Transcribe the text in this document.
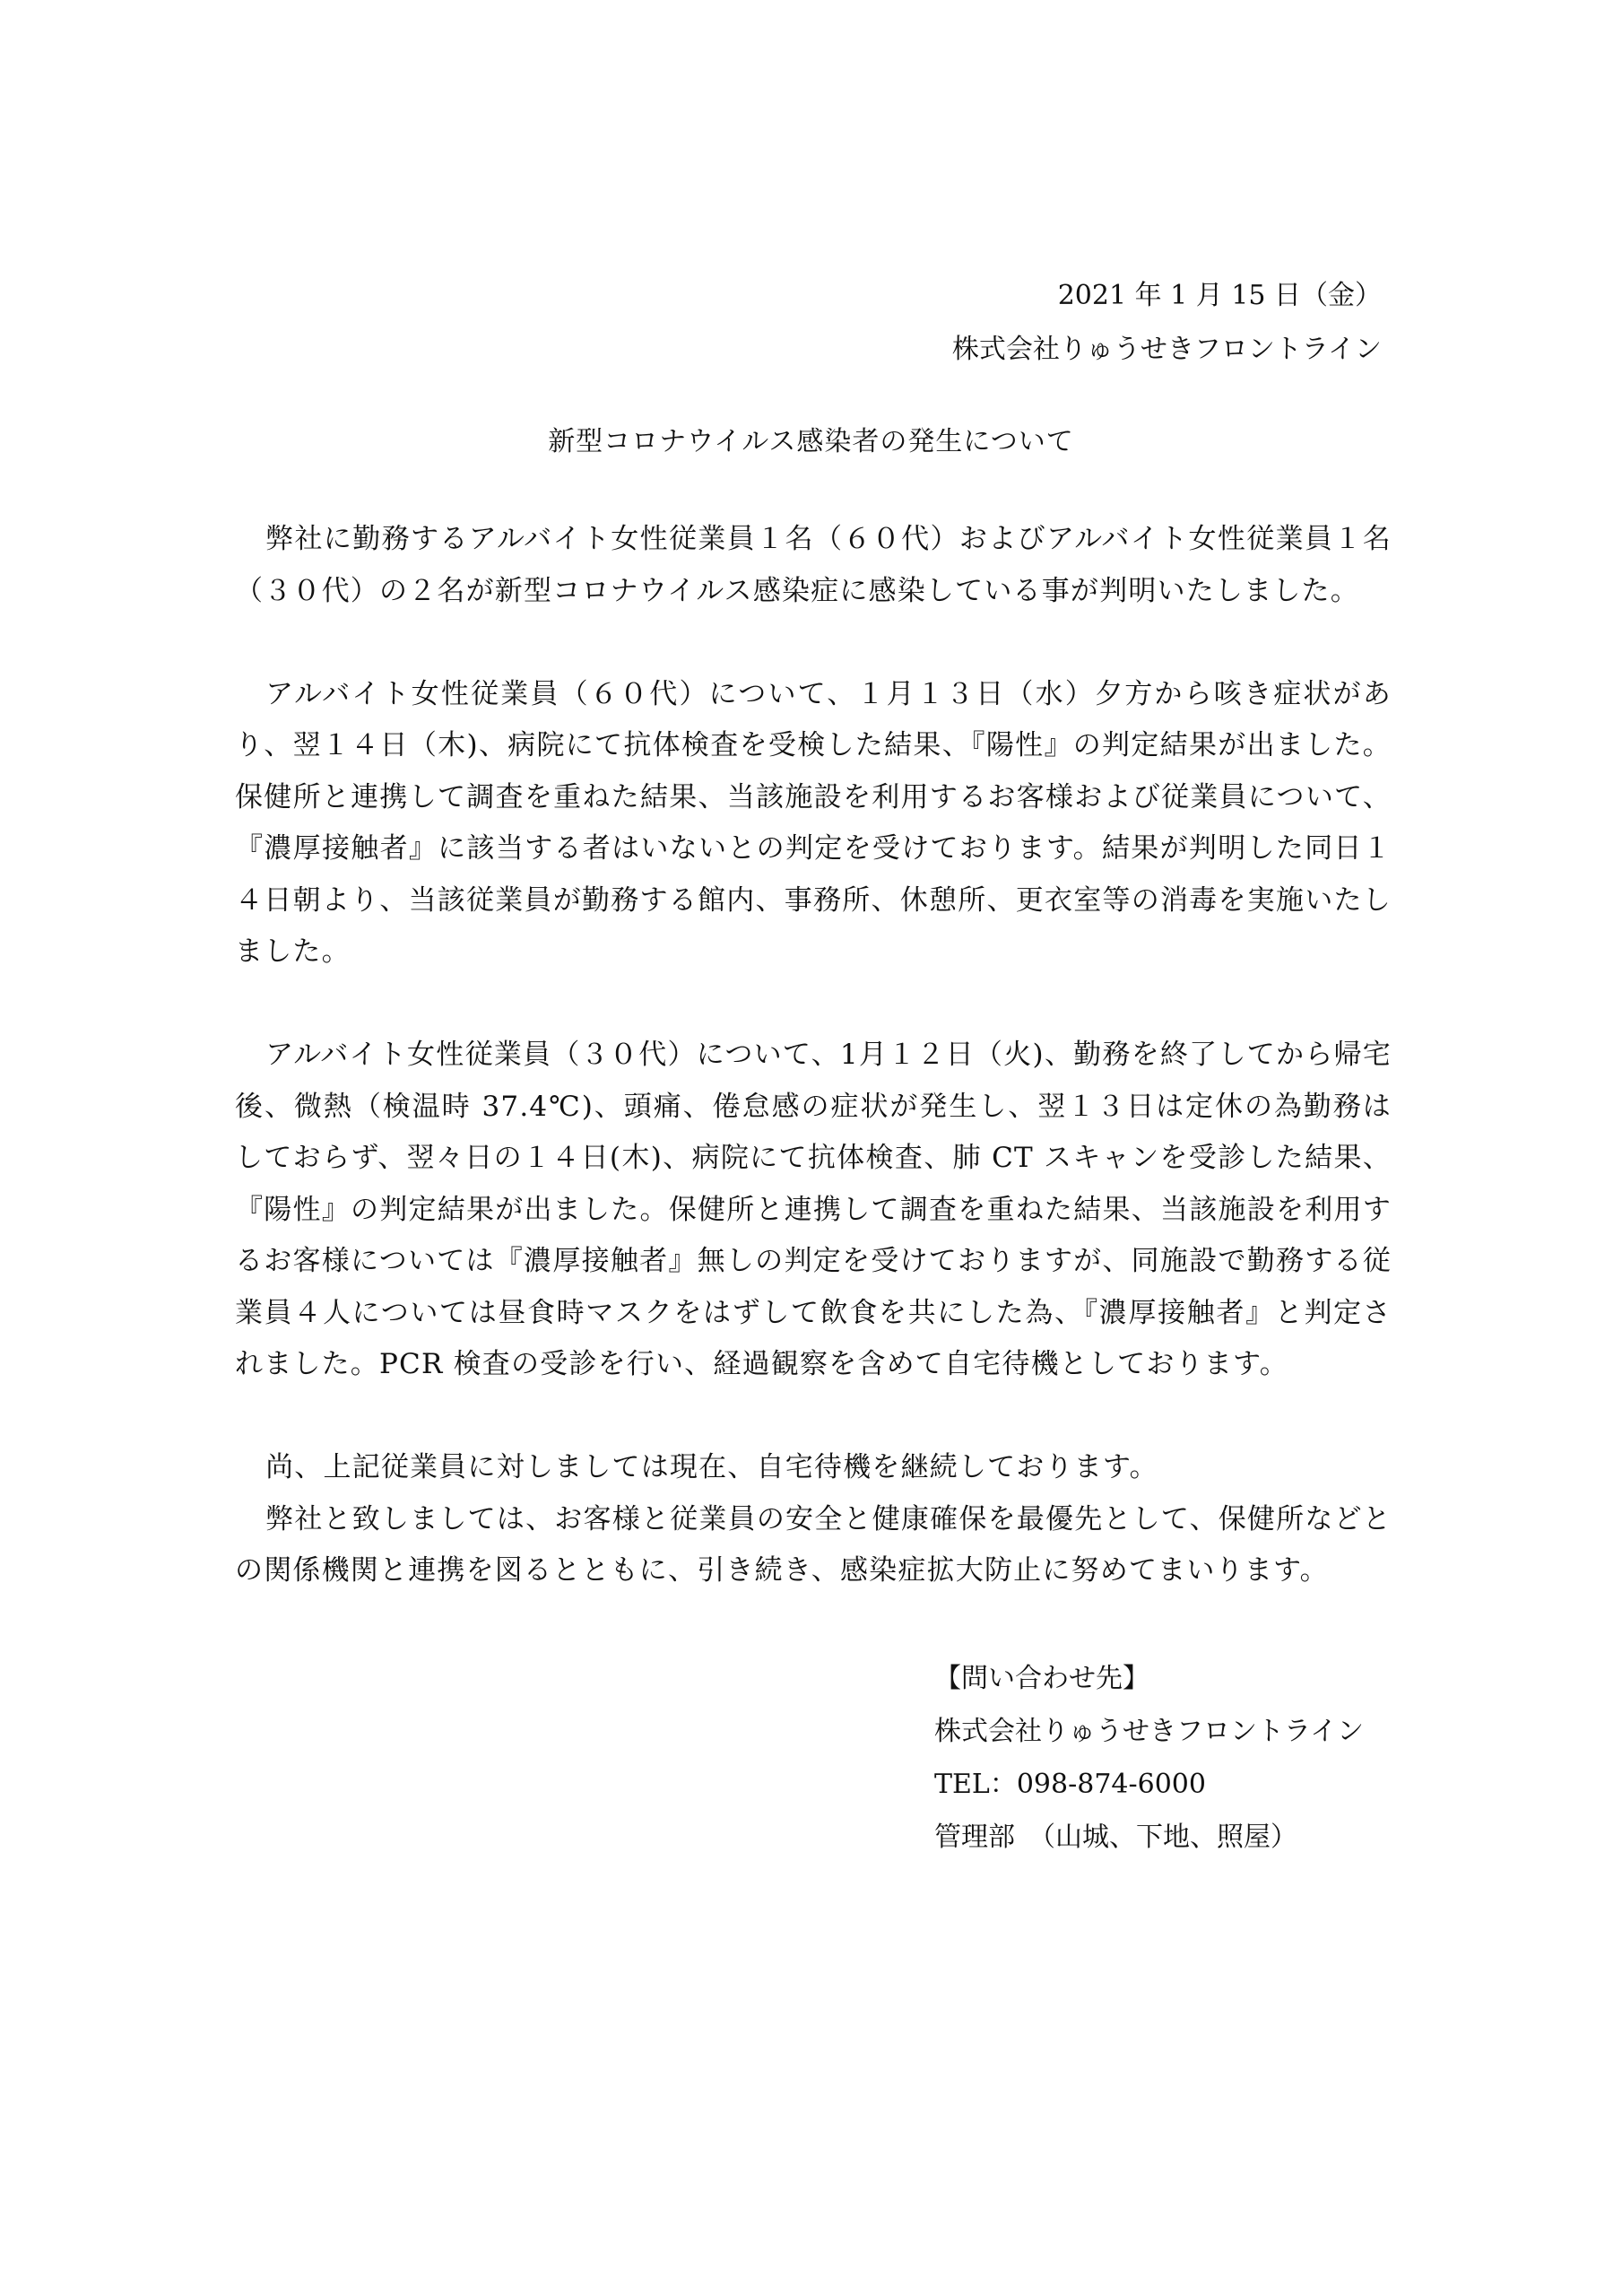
2021 年 1 月 15 日（金）
株式会社りゅうせきフロントライン
新型コロナウイルス感染者の発生について

弊社に勤務するアルバイト女性従業員１名（６０代）およびアルバイト女性従業員１名（３０代）の２名が新型コロナウイルス感染症に感染している事が判明いたしました。

アルバイト女性従業員（６０代）について、１月１３日（水）夕方から咳き症状があり、翌１４日（木)、病院にて抗体検査を受検した結果、『陽性』の判定結果が出ました。保健所と連携して調査を重ねた結果、当該施設を利用するお客様および従業員について、『濃厚接触者』に該当する者はいないとの判定を受けております。結果が判明した同日１４日朝より、当該従業員が勤務する館内、事務所、休憩所、更衣室等の消毒を実施いたしました。

アルバイト女性従業員（３０代）について、1月１２日（火)、勤務を終了してから帰宅後、微熱（検温時 37.4℃)、頭痛、倦怠感の症状が発生し、翌１３日は定休の為勤務はしておらず、翌々日の１４日(木)、病院にて抗体検査、肺 CT スキャンを受診した結果、『陽性』の判定結果が出ました。保健所と連携して調査を重ねた結果、当該施設を利用するお客様については『濃厚接触者』無しの判定を受けておりますが、同施設で勤務する従業員４人については昼食時マスクをはずして飲食を共にした為、『濃厚接触者』と判定されました。PCR 検査の受診を行い、経過観察を含めて自宅待機としております。

尚、上記従業員に対しましては現在、自宅待機を継続しております。

弊社と致しましては、お客様と従業員の安全と健康確保を最優先として、保健所などとの関係機関と連携を図るとともに、引き続き、感染症拡大防止に努めてまいります。

【問い合わせ先】
株式会社りゅうせきフロントライン
TEL：098-874-6000
管理部　（山城、下地、照屋）
